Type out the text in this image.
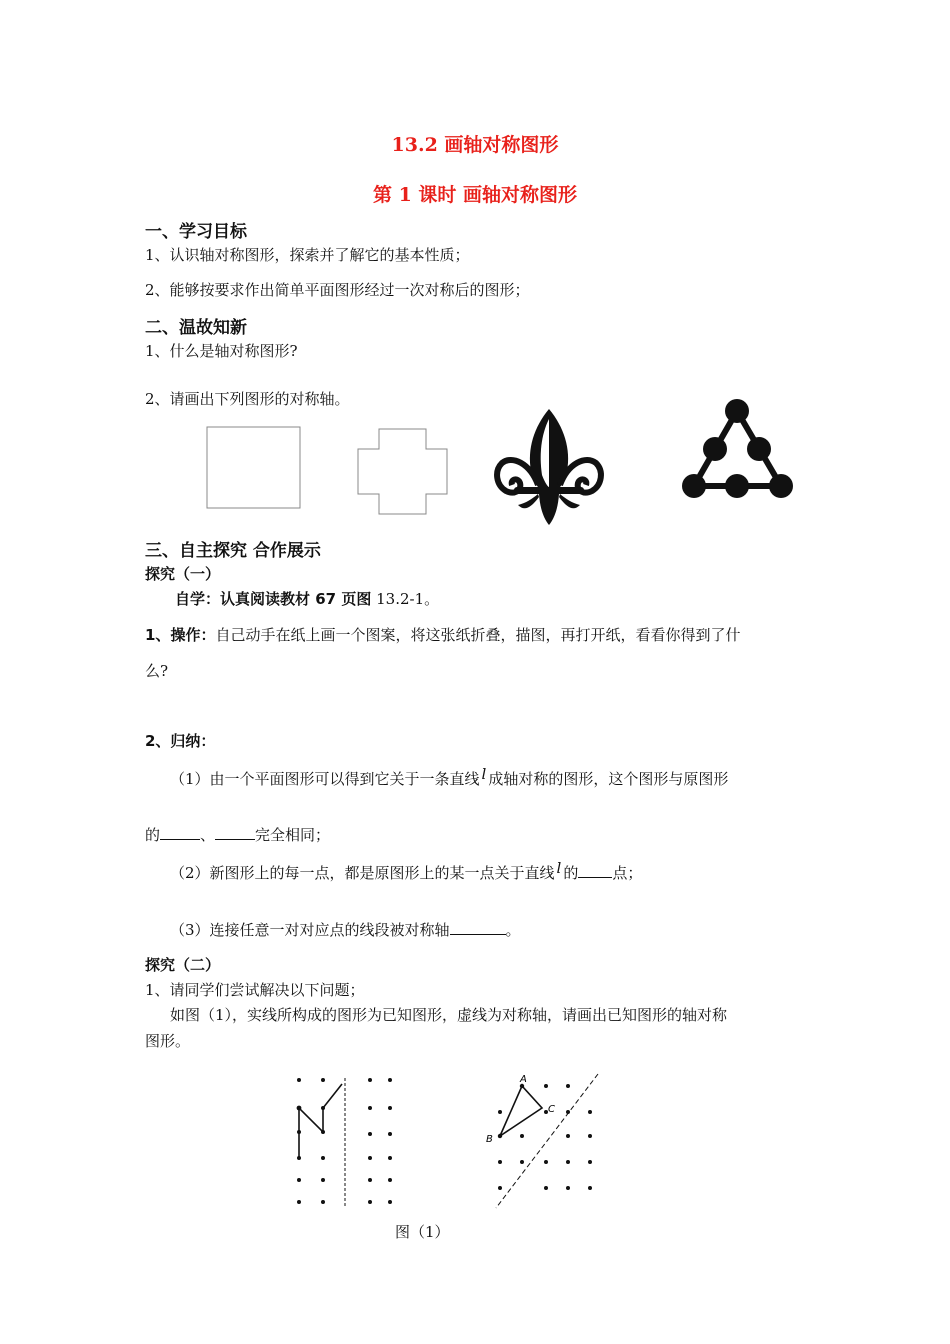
13.2 画轴对称图形
第 1 课时 画轴对称图形
一、学习目标
1、认识轴对称图形，探索并了解它的基本性质；
2、能够按要求作出简单平面图形经过一次对称后的图形；
二、温故知新
1、什么是轴对称图形?
2、请画出下列图形的对称轴。
三、自主探究 合作展示
探究（一）
自学：认真阅读教材 67 页图 13.2-1。
1、操作：自己动手在纸上画一个图案，将这张纸折叠，描图，再打开纸，看看你得到了什
么?
2、归纳：
（1）由一个平面图形可以得到它关于一条直线 l 成轴对称的图形，这个图形与原图形
的	、	完全相同；
（2）新图形上的每一点，都是原图形上的某一点关于直线 l 的 点；
（3）连接任意一对对应点的线段被对称轴	。
探究（二）
1、请同学们尝试解决以下问题；
如图（1），实线所构成的图形为已知图形，虚线为对称轴，请画出已知图形的轴对称
图形。
A
B
C
图（1）
